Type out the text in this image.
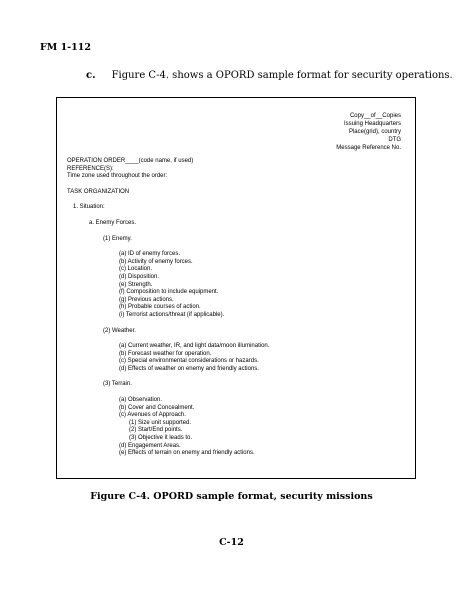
FM 1-112
c. Figure C-4. shows a OPORD sample format for security operations.
Copy__of__Copies
Issuing Headquarters
Place(grid), country
DTG
Message Reference No.
OPERATION ORDER____(code name, if used)
REFERENCE(S):
Time zone used throughout the order:
TASK ORGANIZATION
1. Situation:
a. Enemy Forces.
(1) Enemy.
(a) ID of enemy forces.
(b) Activity of enemy forces.
(c) Location.
(d) Disposition.
(e) Strength.
(f) Composition to include equipment.
(g) Previous actions.
(h) Probable courses of action.
(i) Terrorist actions/threat (if applicable).
(2) Weather.
(a) Current weather, IR, and light data/moon illumination.
(b) Forecast weather for operation.
(c) Special environmental considerations or hazards.
(d) Effects of weather on enemy and friendly actions.
(3) Terrain.
(a) Observation.
(b) Cover and Concealment.
(c) Avenues of Approach.
(1) Size unit supported.
(2) Start/End points.
(3) Objective it leads to.
(d) Engagement Areas.
(e) Effects of terrain on enemy and friendly actions.
Figure C-4. OPORD sample format, security missions
C-12
